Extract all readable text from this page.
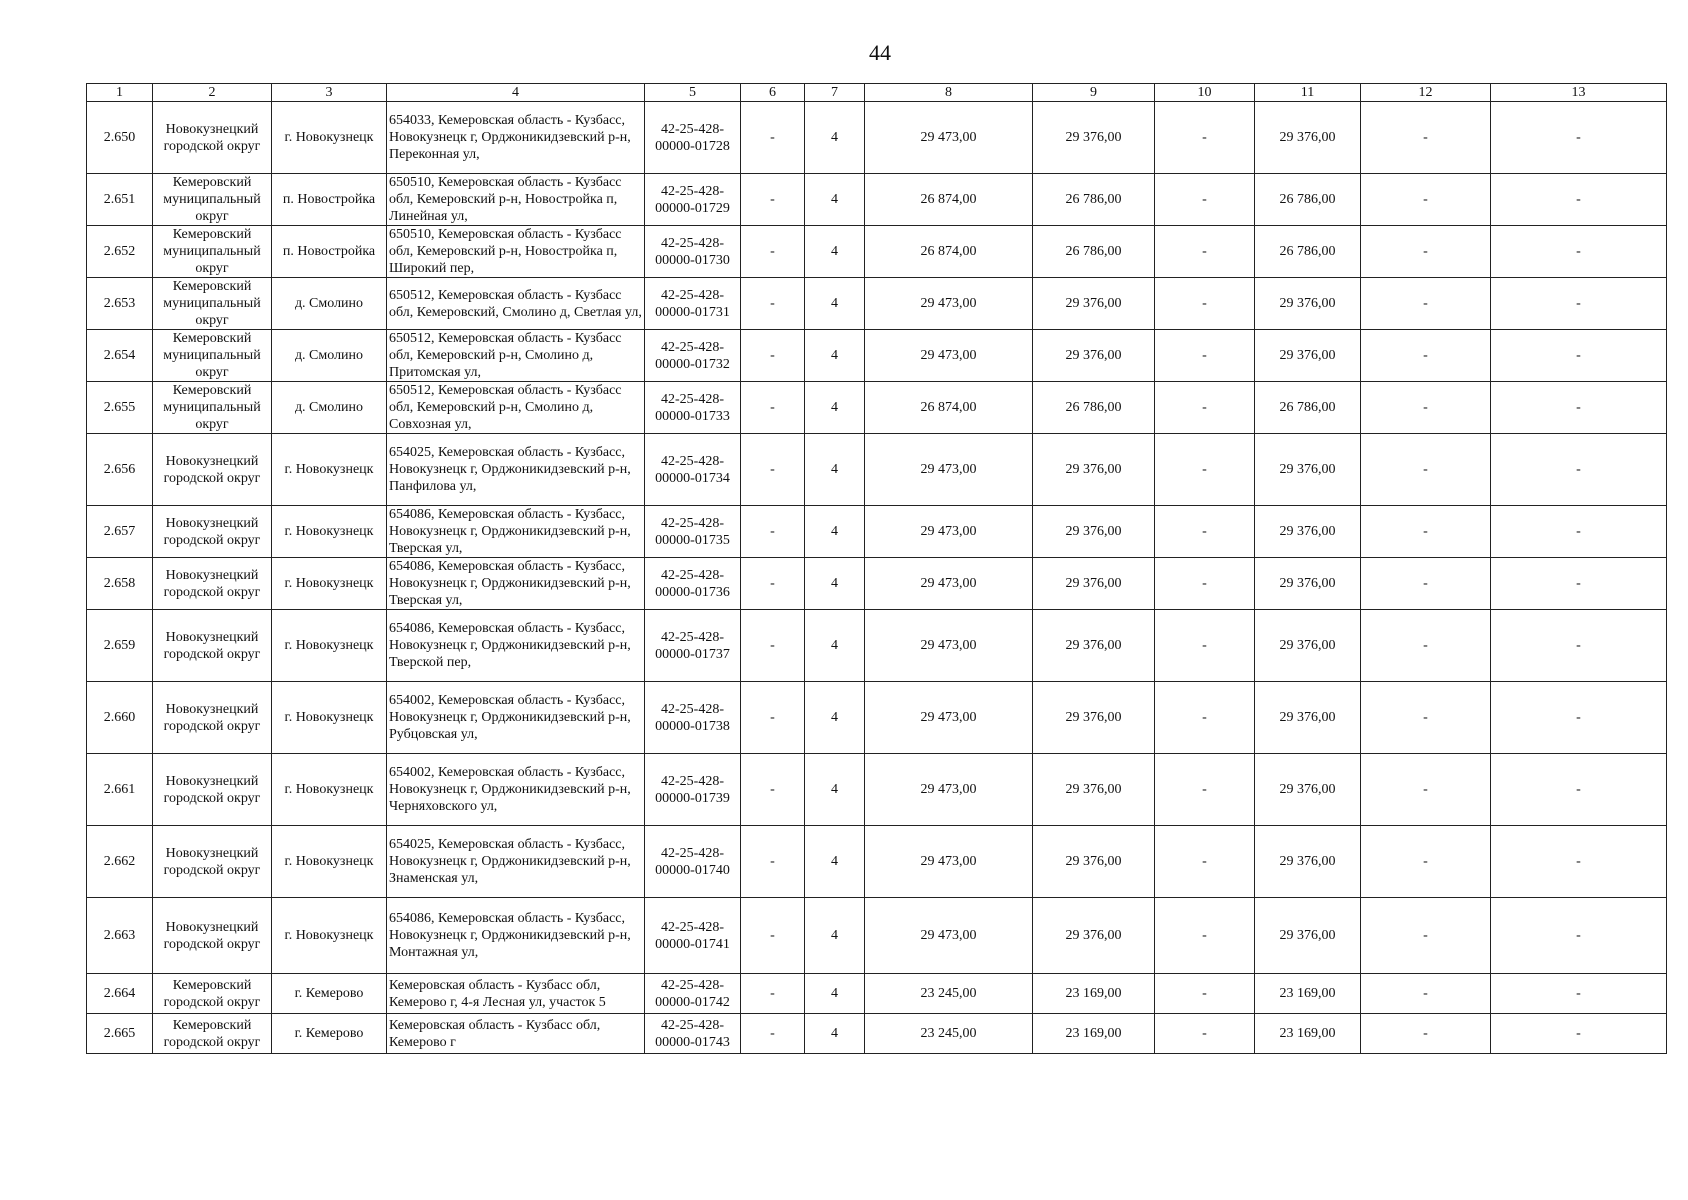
44
1	2	3	4	5	6	7	8	9	10	11	12	13
2.650	Новокузнецкий городской округ	г. Новокузнецк	654033, Кемеровская область - Кузбасс, Новокузнецк г, Орджоникидзевский р-н, Переконная ул,	42-25-428-00000-01728	-	4	29 473,00	29 376,00	-	29 376,00	-	-
2.651	Кемеровский муниципальный округ	п. Новостройка	650510, Кемеровская область - Кузбасс обл, Кемеровский р-н, Новостройка п, Линейная ул,	42-25-428-00000-01729	-	4	26 874,00	26 786,00	-	26 786,00	-	-
2.652	Кемеровский муниципальный округ	п. Новостройка	650510, Кемеровская область - Кузбасс обл, Кемеровский р-н, Новостройка п, Широкий пер,	42-25-428-00000-01730	-	4	26 874,00	26 786,00	-	26 786,00	-	-
2.653	Кемеровский муниципальный округ	д. Смолино	650512, Кемеровская область - Кузбасс обл, Кемеровский, Смолино д, Светлая ул,	42-25-428-00000-01731	-	4	29 473,00	29 376,00	-	29 376,00	-	-
2.654	Кемеровский муниципальный округ	д. Смолино	650512, Кемеровская область - Кузбасс обл, Кемеровский р-н, Смолино д, Притомская ул,	42-25-428-00000-01732	-	4	29 473,00	29 376,00	-	29 376,00	-	-
2.655	Кемеровский муниципальный округ	д. Смолино	650512, Кемеровская область - Кузбасс обл, Кемеровский р-н, Смолино д, Совхозная ул,	42-25-428-00000-01733	-	4	26 874,00	26 786,00	-	26 786,00	-	-
2.656	Новокузнецкий городской округ	г. Новокузнецк	654025, Кемеровская область - Кузбасс, Новокузнецк г, Орджоникидзевский р-н, Панфилова ул,	42-25-428-00000-01734	-	4	29 473,00	29 376,00	-	29 376,00	-	-
2.657	Новокузнецкий городской округ	г. Новокузнецк	654086, Кемеровская область - Кузбасс, Новокузнецк г, Орджоникидзевский р-н, Тверская ул,	42-25-428-00000-01735	-	4	29 473,00	29 376,00	-	29 376,00	-	-
2.658	Новокузнецкий городской округ	г. Новокузнецк	654086, Кемеровская область - Кузбасс, Новокузнецк г, Орджоникидзевский р-н, Тверская ул,	42-25-428-00000-01736	-	4	29 473,00	29 376,00	-	29 376,00	-	-
2.659	Новокузнецкий городской округ	г. Новокузнецк	654086, Кемеровская область - Кузбасс, Новокузнецк г, Орджоникидзевский р-н, Тверской пер,	42-25-428-00000-01737	-	4	29 473,00	29 376,00	-	29 376,00	-	-
2.660	Новокузнецкий городской округ	г. Новокузнецк	654002, Кемеровская область - Кузбасс, Новокузнецк г, Орджоникидзевский р-н, Рубцовская ул,	42-25-428-00000-01738	-	4	29 473,00	29 376,00	-	29 376,00	-	-
2.661	Новокузнецкий городской округ	г. Новокузнецк	654002, Кемеровская область - Кузбасс, Новокузнецк г, Орджоникидзевский р-н, Черняховского ул,	42-25-428-00000-01739	-	4	29 473,00	29 376,00	-	29 376,00	-	-
2.662	Новокузнецкий городской округ	г. Новокузнецк	654025, Кемеровская область - Кузбасс, Новокузнецк г, Орджоникидзевский р-н, Знаменская ул,	42-25-428-00000-01740	-	4	29 473,00	29 376,00	-	29 376,00	-	-
2.663	Новокузнецкий городской округ	г. Новокузнецк	654086, Кемеровская область - Кузбасс, Новокузнецк г, Орджоникидзевский р-н, Монтажная ул,	42-25-428-00000-01741	-	4	29 473,00	29 376,00	-	29 376,00	-	-
2.664	Кемеровский городской округ	г. Кемерово	Кемеровская область - Кузбасс обл, Кемерово г, 4-я Лесная ул, участок 5	42-25-428-00000-01742	-	4	23 245,00	23 169,00	-	23 169,00	-	-
2.665	Кемеровский городской округ	г. Кемерово	Кемеровская область - Кузбасс обл, Кемерово г	42-25-428-00000-01743	-	4	23 245,00	23 169,00	-	23 169,00	-	-
